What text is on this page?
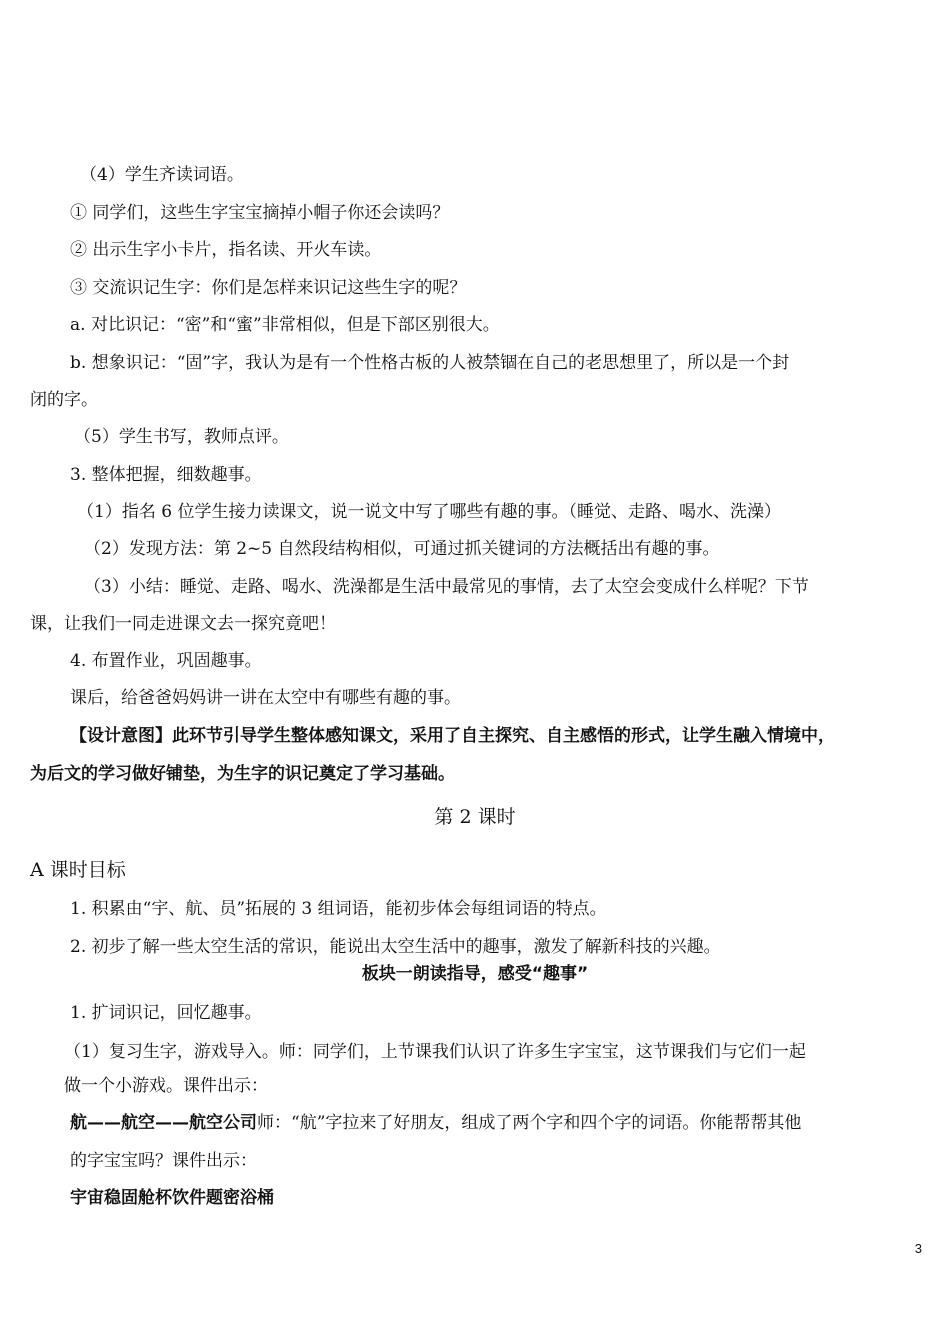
（4）学生齐读词语。
① 同学们，这些生字宝宝摘掉小帽子你还会读吗？
② 出示生字小卡片，指名读、开火车读。
③ 交流识记生字：你们是怎样来识记这些生字的呢？
a. 对比识记：“密”和“蜜”非常相似，但是下部区别很大。
b. 想象识记：“固”字，我认为是有一个性格古板的人被禁锢在自己的老思想里了，所以是一个封
闭的字。
（5）学生书写，教师点评。
3. 整体把握，细数趣事。
（1）指名 6 位学生接力读课文，说一说文中写了哪些有趣的事。（睡觉、走路、喝水、洗澡）
（2）发现方法：第 2~5 自然段结构相似，可通过抓关键词的方法概括出有趣的事。
（3）小结：睡觉、走路、喝水、洗澡都是生活中最常见的事情，去了太空会变成什么样呢？下节
课，让我们一同走进课文去一探究竟吧！
4. 布置作业，巩固趣事。
课后，给爸爸妈妈讲一讲在太空中有哪些有趣的事。
【设计意图】此环节引导学生整体感知课文，采用了自主探究、自主感悟的形式，让学生融入情境中，
为后文的学习做好铺垫，为生字的识记奠定了学习基础。
第 2 课时
A 课时目标
1. 积累由“宇、航、员”拓展的 3 组词语，能初步体会每组词语的特点。
2. 初步了解一些太空生活的常识，能说出太空生活中的趣事，激发了解新科技的兴趣。
板块一朗读指导，感受“趣事”
1. 扩词识记，回忆趣事。
（1）复习生字，游戏导入。师：同学们，上节课我们认识了许多生字宝宝，这节课我们与它们一起
做一个小游戏。课件出示：
航——航空——航空公司师：“航”字拉来了好朋友，组成了两个字和四个字的词语。你能帮帮其他
的字宝宝吗？课件出示：
宇宙稳固舱杯饮件题密浴桶
3
